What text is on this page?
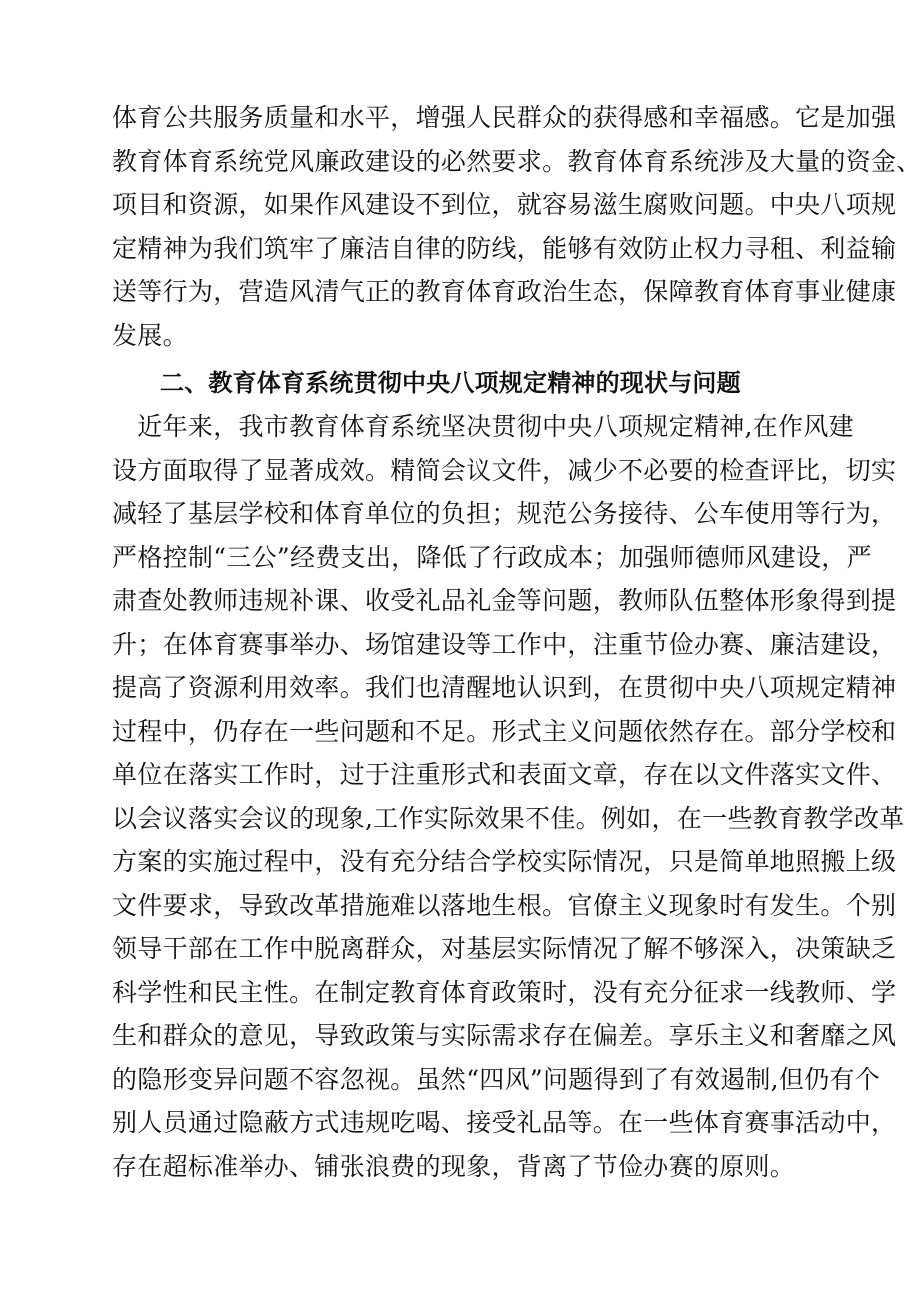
体育公共服务质量和水平，增强人民群众的获得感和幸福感。它是加强
教育体育系统党风廉政建设的必然要求。教育体育系统涉及大量的资金、
项目和资源，如果作风建设不到位，就容易滋生腐败问题。中央八项规
定精神为我们筑牢了廉洁自律的防线，能够有效防止权力寻租、利益输
送等行为，营造风清气正的教育体育政治生态，保障教育体育事业健康
发展。
二、教育体育系统贯彻中央八项规定精神的现状与问题
　近年来，我市教育体育系统坚决贯彻中央八项规定精神,在作风建
设方面取得了显著成效。精简会议文件，减少不必要的检查评比，切实
减轻了基层学校和体育单位的负担；规范公务接待、公车使用等行为，
严格控制“三公”经费支出，降低了行政成本；加强师德师风建设，严
肃查处教师违规补课、收受礼品礼金等问题，教师队伍整体形象得到提
升；在体育赛事举办、场馆建设等工作中，注重节俭办赛、廉洁建设，
提高了资源利用效率。我们也清醒地认识到，在贯彻中央八项规定精神
过程中，仍存在一些问题和不足。形式主义问题依然存在。部分学校和
单位在落实工作时，过于注重形式和表面文章，存在以文件落实文件、
以会议落实会议的现象,工作实际效果不佳。例如，在一些教育教学改革
方案的实施过程中，没有充分结合学校实际情况，只是简单地照搬上级
文件要求，导致改革措施难以落地生根。官僚主义现象时有发生。个别
领导干部在工作中脱离群众，对基层实际情况了解不够深入，决策缺乏
科学性和民主性。在制定教育体育政策时，没有充分征求一线教师、学
生和群众的意见，导致政策与实际需求存在偏差。享乐主义和奢靡之风
的隐形变异问题不容忽视。虽然“四风”问题得到了有效遏制,但仍有个
别人员通过隐蔽方式违规吃喝、接受礼品等。在一些体育赛事活动中，
存在超标准举办、铺张浪费的现象，背离了节俭办赛的原则。
